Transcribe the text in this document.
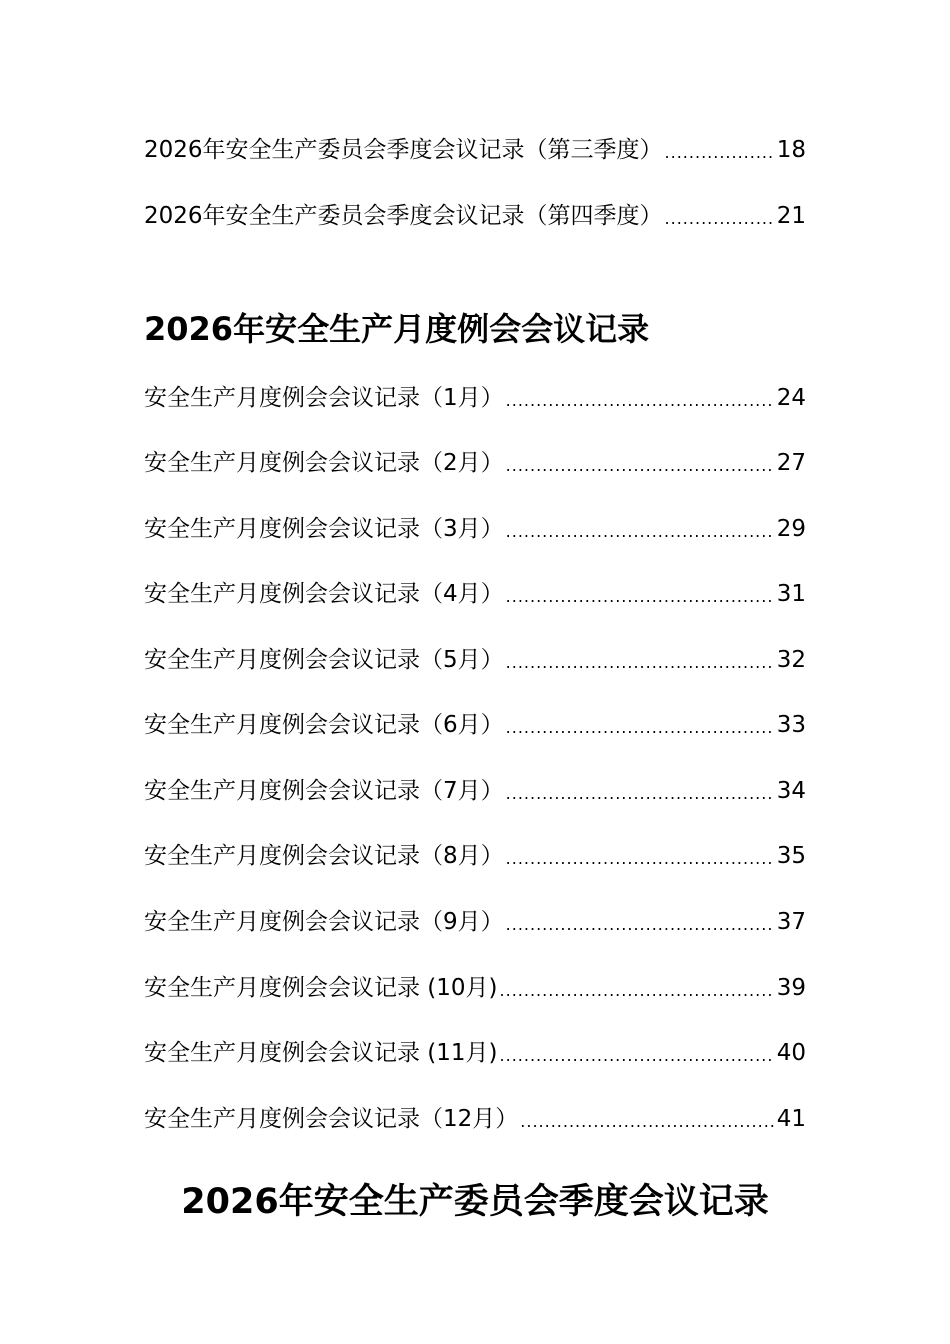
2026年安全生产委员会季度会议记录（第三季度） .....	18
2026年安全生产委员会季度会议记录（第四季度） .....	21
2026年安全生产月度例会会议记录
安全生产月度例会会议记录（1月） .....	24
安全生产月度例会会议记录（2月） .....	27
安全生产月度例会会议记录（3月） .....	29
安全生产月度例会会议记录（4月） .....	31
安全生产月度例会会议记录（5月） .....	32
安全生产月度例会会议记录（6月） .....	33
安全生产月度例会会议记录（7月） .....	34
安全生产月度例会会议记录（8月） .....	35
安全生产月度例会会议记录（9月） .....	37
安全生产月度例会会议记录 (10月) .....	39
安全生产月度例会会议记录 (11月) .....	40
安全生产月度例会会议记录（12月） .....	41
2026年安全生产委员会季度会议记录
